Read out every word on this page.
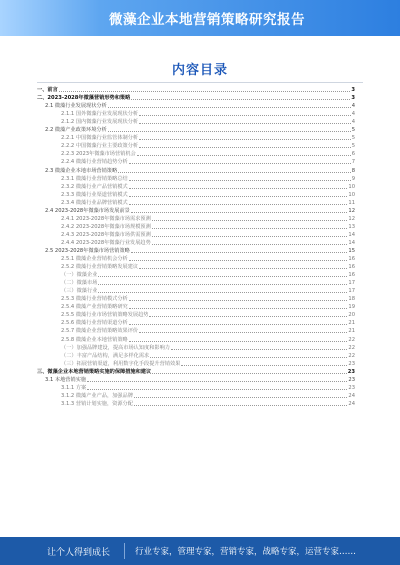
微藻企业本地营销策略研究报告
内容目录
一、前言	3
二、2023-2028年微藻营销形势和策略	3
2.1 微藻行业发展现状分析	4
2.1.1 国外微藻行业发展现状分析	4
2.1.2 国内微藻行业发展现状分析	4
2.2 微藻产业政策环境分析	5
2.2.1 中国微藻行业监管体制分析	5
2.2.2 中国微藻行业主要政策分析	5
2.2.3 2023年微藻市场营销机会	6
2.2.4 微藻行业营销趋势分析	7
2.3 微藻企业本地市场营销策略	8
2.3.1 微藻行业营销策略总结	9
2.3.2 微藻行业产品营销模式	10
2.3.3 微藻行业渠道营销模式	10
2.3.4 微藻行业品牌营销模式	11
2.4 2023-2028年微藻市场发展前景	12
2.4.1 2023-2028年微藻市场需求预测	12
2.4.2 2023-2028年微藻市场规模预测	13
2.4.3 2023-2028年微藻市场供需预测	14
2.4.4 2023-2028年微藻行业发展趋势	14
2.5 2023-2028年微藻市场营销策略	15
2.5.1 微藻企业营销机会分析	16
2.5.2 微藻行业营销策略发展建议	16
（一）微藻企业	16
（二）微藻市场	17
（三）微藻行业	17
2.5.3 微藻行业营销模式分析	18
2.5.4 微藻产业营销策略研究	19
2.5.5 微藻行业市场营销策略发展趋势	20
2.5.6 微藻行业营销渠道分析	21
2.5.7 微藻企业营销策略效果评价	21
2.5.8 微藻企业本地营销策略	22
（一）加强品牌建设，提高市场认知度和影响力	22
（二）丰富产品结构，满足多样化需求	22
（三）拓展营销渠道，利用数字化手段提升营销效果	23
三、微藻企业本地营销策略实施的保障措施和建议	23
3.1 本地营销实施	23
3.1.1 方案	23
3.1.2 微藻产业产品，加强品牌	24
3.1.3 营销计划实施，资源分配	24
让个人得到成长	行业专家，管理专家，营销专家，战略专家，运营专家……
